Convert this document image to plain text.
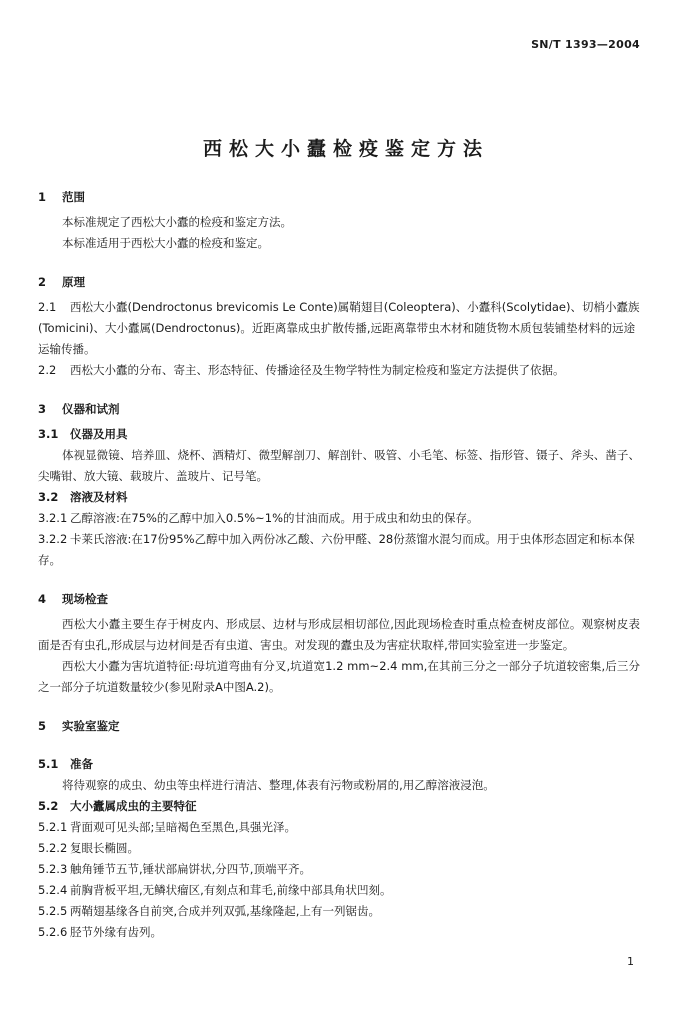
SN/T 1393—2004
西松大小蠹检疫鉴定方法
1 范围

本标准规定了西松大小蠹的检疫和鉴定方法。

本标准适用于西松大小蠹的检疫和鉴定。

2 原理

2.1 西松大小蠹(Dendroctonus brevicomis Le Conte)属鞘翅目(Coleoptera)、小蠹科(Scolytidae)、切梢小蠹族(Tomicini)、大小蠹属(Dendroctonus)。近距离靠成虫扩散传播,远距离靠带虫木材和随货物木质包装铺垫材料的远途运输传播。

2.2 西松大小蠹的分布、寄主、形态特征、传播途径及生物学特性为制定检疫和鉴定方法提供了依据。

3 仪器和试剂
3.1 仪器及用具

体视显微镜、培养皿、烧杯、酒精灯、微型解剖刀、解剖针、吸管、小毛笔、标签、指形管、镊子、斧头、凿子、尖嘴钳、放大镜、载玻片、盖玻片、记号笔。

3.2 溶液及材料

3.2.1 乙醇溶液:在75%的乙醇中加入0.5%~1%的甘油而成。用于成虫和幼虫的保存。

3.2.2 卡莱氏溶液:在17份95%乙醇中加入两份冰乙酸、六份甲醛、28份蒸馏水混匀而成。用于虫体形态固定和标本保存。

4 现场检查

西松大小蠹主要生存于树皮内、形成层、边材与形成层相切部位,因此现场检查时重点检查树皮部位。观察树皮表面是否有虫孔,形成层与边材间是否有虫道、害虫。对发现的蠹虫及为害症状取样,带回实验室进一步鉴定。

西松大小蠹为害坑道特征:母坑道弯曲有分叉,坑道宽1.2 mm~2.4 mm,在其前三分之一部分子坑道较密集,后三分之一部分子坑道数量较少(参见附录A中图A.2)。

5 实验室鉴定
5.1 准备

将待观察的成虫、幼虫等虫样进行清洁、整理,体表有污物或粉屑的,用乙醇溶液浸泡。

5.2 大小蠹属成虫的主要特征

5.2.1 背面观可见头部;呈暗褐色至黑色,具强光泽。

5.2.2 复眼长椭圆。

5.2.3 触角锤节五节,锤状部扁饼状,分四节,顶端平齐。

5.2.4 前胸背板平坦,无鳞状瘤区,有刻点和茸毛,前缘中部具角状凹刻。

5.2.5 两鞘翅基缘各自前突,合成并列双弧,基缘隆起,上有一列锯齿。

5.2.6 胫节外缘有齿列。

1
